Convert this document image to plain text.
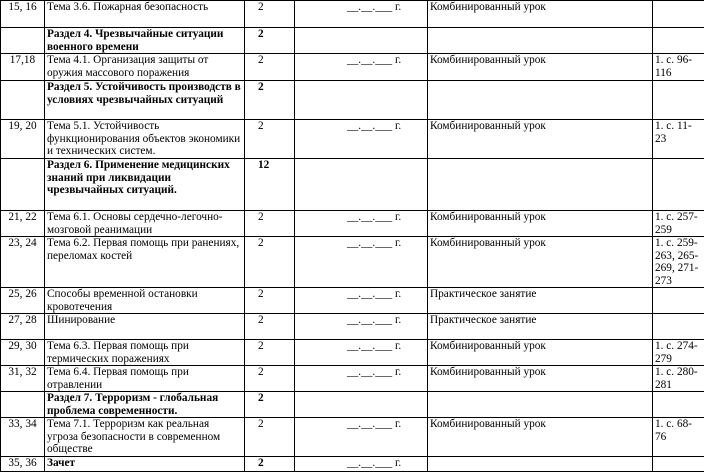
15, 16	Тема 3.6. Пожарная безопасность	2	__.__.___ г.	Комбинированный урок		
	Раздел 4. Чрезвычайные ситуации военного времени	2				
17,18	Тема 4.1. Организация защиты от оружия массового поражения	2	__.__.___ г.	Комбинированный урок	1. с. 96-116	
	Раздел 5. Устойчивость производств в условиях чрезвычайных ситуаций	2				
19, 20	Тема 5.1. Устойчивость функционирования объектов экономики и технических систем.	2	__.__.___ г.	Комбинированный урок	1. с. 11-23	
	Раздел 6. Применение медицинских знаний при ликвидации чрезвычайных ситуаций.	12				
21, 22	Тема 6.1. Основы сердечно-легочно-мозговой реанимации	2	__.__.___ г.	Комбинированный урок	1. с. 257-259	
23, 24	Тема 6.2. Первая помощь при ранениях, переломах костей	2	__.__.___ г.	Комбинированный урок	1. с. 259-263, 265-269, 271-273	
25, 26	Способы временной остановки кровотечения	2	__.__.___ г.	Практическое занятие		
27, 28	Шинирование	2	__.__.___ г.	Практическое занятие		
29, 30	Тема 6.3. Первая помощь при термических поражениях	2	__.__.___ г.	Комбинированный урок	1. с. 274-279	
31, 32	Тема 6.4. Первая помощь при отравлении	2	__.__.___ г.	Комбинированный урок	1. с. 280-281	
	Раздел 7. Терроризм - глобальная проблема современности.	2				
33, 34	Тема 7.1. Терроризм как реальная угроза безопасности в современном обществе	2	__.__.___ г.	Комбинированный урок	1. с. 68-76	
35, 36	Зачет	2	__.__.___ г.			
